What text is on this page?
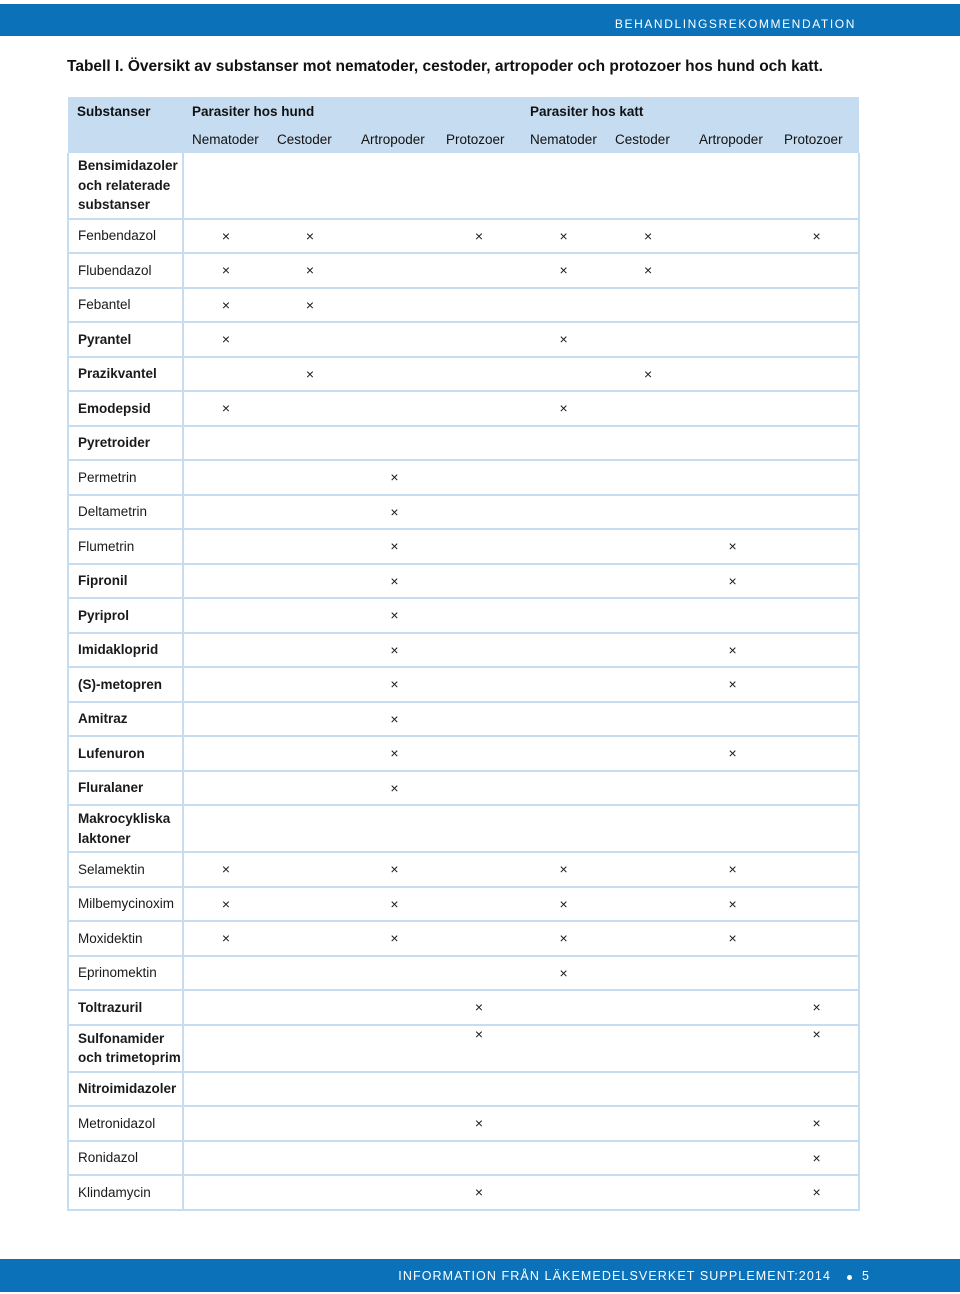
BEHANDLINGSREKOMMENDATION
Tabell I. Översikt av substanser mot nematoder, cestoder, artropoder och protozoer hos hund och katt.
Substanser	Parasiter hos hund				Parasiter hos katt			
	Nematoder	Cestoder	Artropoder	Protozoer	Nematoder	Cestoder	Artropoder	Protozoer
Bensimidazoler och relaterade substanser								
Fenbendazol	×	×		×	×	×		×
Flubendazol	×	×			×	×		
Febantel	×	×						
Pyrantel	×				×			
Prazikvantel		×				×		
Emodepsid	×				×			
Pyretroider								
Permetrin			×					
Deltametrin			×					
Flumetrin			×				×	
Fipronil			×				×	
Pyriprol			×					
Imidakloprid			×				×	
(S)-metopren			×				×	
Amitraz			×					
Lufenuron			×				×	
Fluralaner			×					
Makrocykliska laktoner								
Selamektin	×		×		×		×	
Milbemycinoxim	×		×		×		×	
Moxidektin	×		×		×		×	
Eprinomektin					×			
Toltrazuril				×				×
Sulfonamider och trimetoprim				×				×
Nitroimidazoler								
Metronidazol				×				×
Ronidazol								×
Klindamycin				×				×
INFORMATION FRÅN LÄKEMEDELSVERKET SUPPLEMENT:2014 5
